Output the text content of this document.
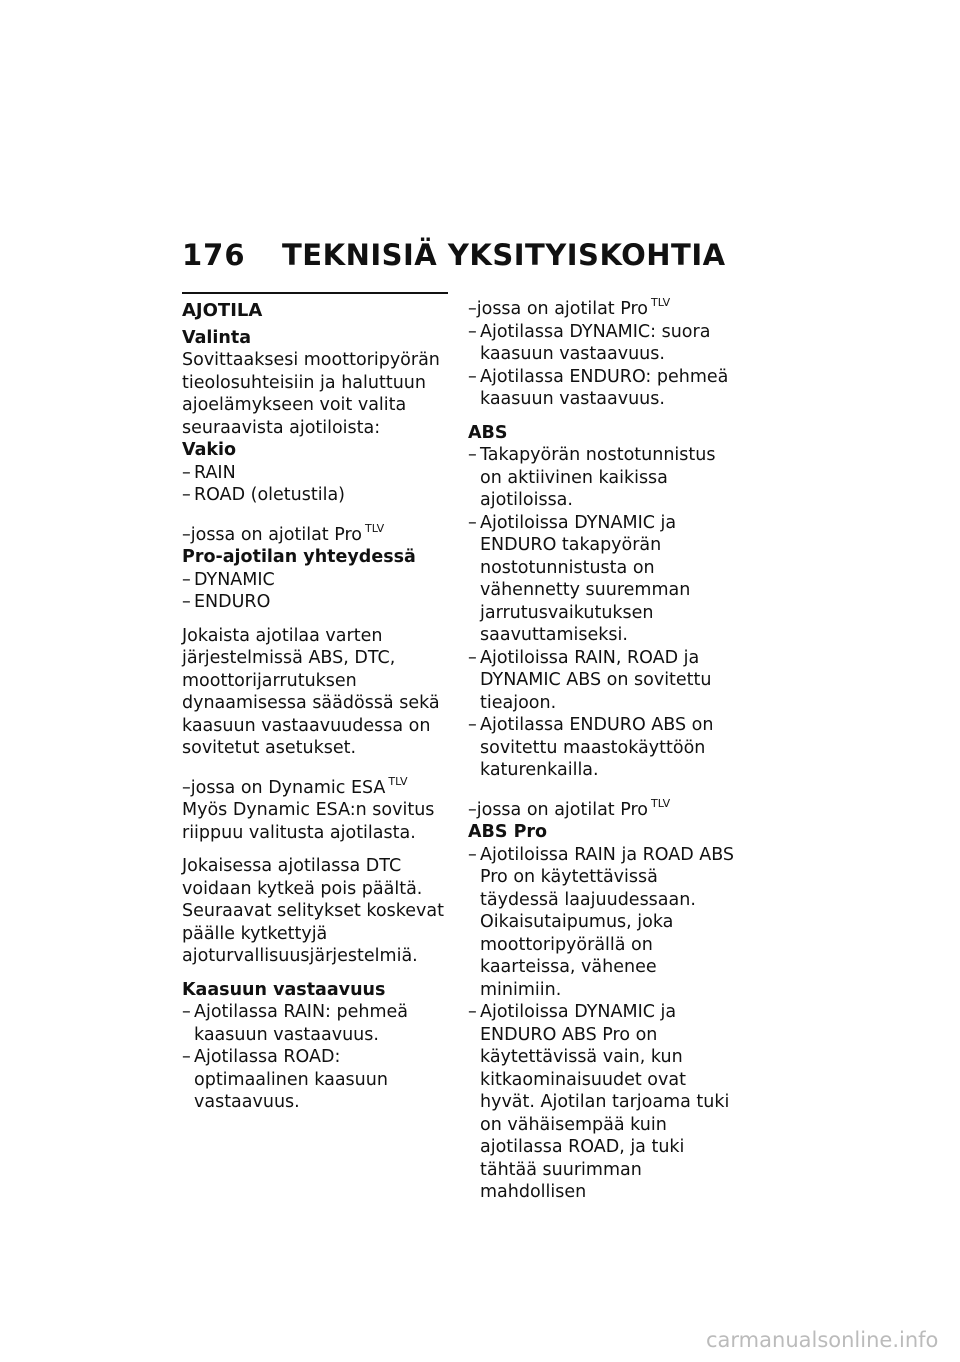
176 TEKNISIÄ YKSITYISKOHTIA
AJOTILA
Valinta

Sovittaaksesi moottoripyörän tieolosuhteisiin ja haluttuun ajoelämykseen voit valita seuraavista ajotiloista:

Vakio
– RAIN
– ROAD (oletustila)
–jossa on ajotilat Pro $^{TLV}$
Pro-ajotilan yhteydessä
– DYNAMIC
– ENDURO

Jokaista ajotilaa varten järjestelmissä ABS, DTC, moottorijarrutuksen dynaamisessa säädössä sekä kaasuun vastaavuudessa on sovitetut asetukset.

–jossa on Dynamic ESA $^{TLV}$

Myös Dynamic ESA:n sovitus riippuu valitusta ajotilasta.

Jokaisessa ajotilassa DTC voidaan kytkeä pois päältä. Seuraavat selitykset koskevat päälle kytkettyjä ajoturvallisuusjärjestelmiä.

Kaasuun vastaavuus
– Ajotilassa RAIN: pehmeä kaasuun vastaavuus.
– Ajotilassa ROAD: optimaalinen kaasuun vastaavuus.
–jossa on ajotilat Pro $^{TLV}$
– Ajotilassa DYNAMIC: suora kaasuun vastaavuus.
– Ajotilassa ENDURO: pehmeä kaasuun vastaavuus.
ABS
– Takapyörän nostotunnistus on aktiivinen kaikissa ajotiloissa.
– Ajotiloissa DYNAMIC ja ENDURO takapyörän nostotunnistusta on vähennetty suuremman jarrutusvaikutuksen saavuttamiseksi.
– Ajotiloissa RAIN, ROAD ja DYNAMIC ABS on sovitettu tieajoon.
– Ajotilassa ENDURO ABS on sovitettu maastokäyttöön katurenkailla.
–jossa on ajotilat Pro $^{TLV}$
ABS Pro
– Ajotiloissa RAIN ja ROAD ABS Pro on käytettävissä täydessä laajuudessaan. Oikaisutaipumus, joka moottoripyörällä on kaarteissa, vähenee minimiin.
– Ajotiloissa DYNAMIC ja ENDURO ABS Pro on käytettävissä vain, kun kitkaominaisuudet ovat hyvät. Ajotilan tarjoama tuki on vähäisempää kuin ajotilassa ROAD, ja tuki tähtää suurimman mahdollisen
carmanualsonline.info
